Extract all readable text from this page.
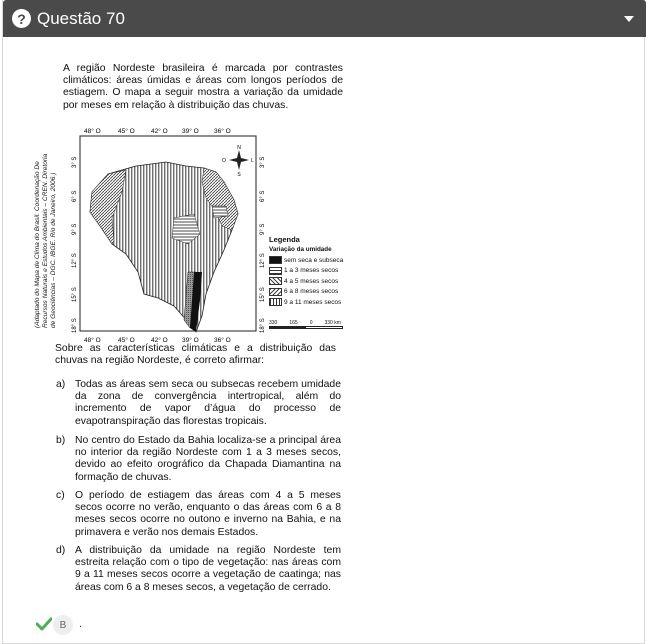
? Questão 70

A região Nordeste brasileira é marcada por contrastes climáticos: áreas úmidas e áreas com longos períodos de estiagem. O mapa a seguir mostra a variação da umidade por meses em relação à distribuição das chuvas.

(Adaptado do Mapa de Clima do Brasil. Coordenação De Recursos Naturais e Estudos Ambientais – CREN. Diretoria de Geociências – DGC. IBGE. Rio de Janeiro, 2006.)
N
S
L
O
48° O	45° O	42° O 39° O 36° O
48° O	45° O	42° O 39° O 36° O
3° S
6° S
9° S
12° S
15° S
18° S
3° S
6° S
9° S
12° S
15° S
18° S
Legenda
Variação da umidade
sem seca e subseca
1 a 3 meses secos
4 a 5 meses secos
6 a 8 meses secos
9 a 11 meses secos
330 165 0 330 km

Sobre as características climáticas e a distribuição das chuvas na região Nordeste, é correto afirmar:

a) Todas as áreas sem seca ou subsecas recebem umidade da zona de convergência intertropical, além do incremento de vapor d’água do processo de evapotranspiração das florestas tropicais.
b) No centro do Estado da Bahia localiza-se a principal área no interior da região Nordeste com 1 a 3 meses secos, devido ao efeito orográfico da Chapada Diamantina na formação de chuvas.
c) O período de estiagem das áreas com 4 a 5 meses secos ocorre no verão, enquanto o das áreas com 6 a 8 meses secos ocorre no outono e inverno na Bahia, e na primavera e verão nos demais Estados.
d) A distribuição da umidade na região Nordeste tem estreita relação com o tipo de vegetação: nas áreas com 9 a 11 meses secos ocorre a vegetação de caatinga; nas áreas com 6 a 8 meses secos, a vegetação de cerrado.
B	.
